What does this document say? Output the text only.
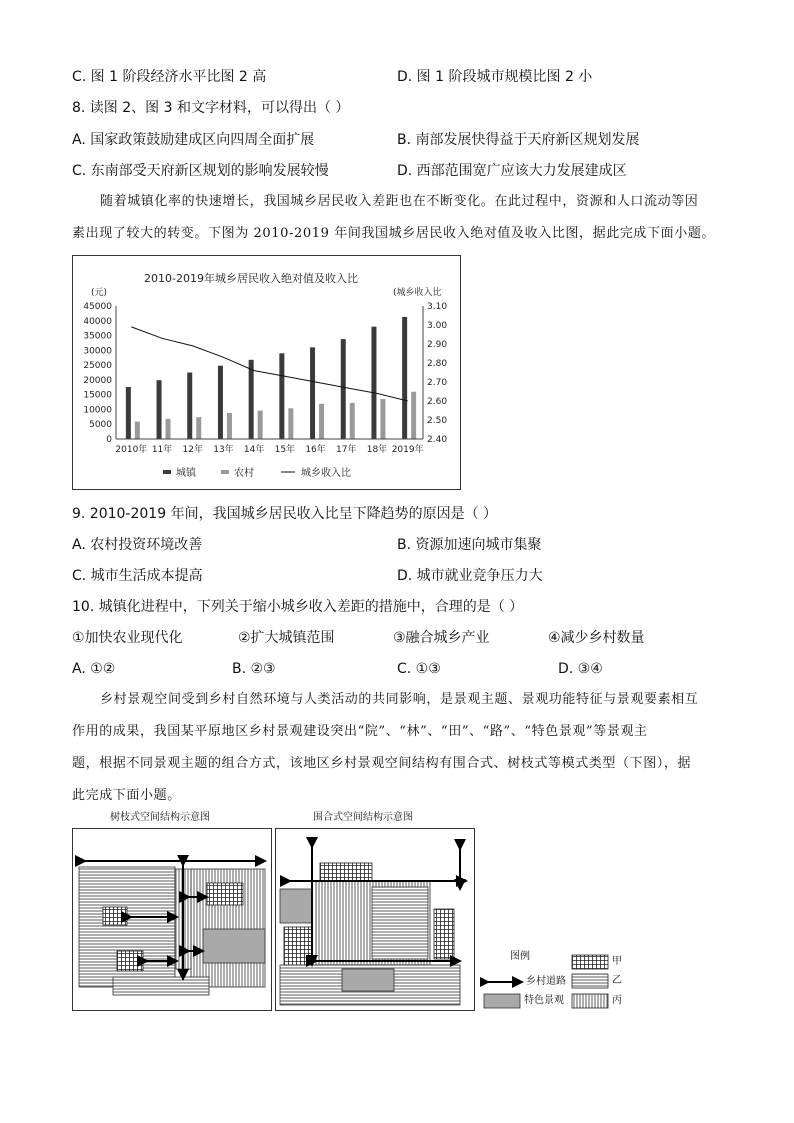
C. 图 1 阶段经济水平比图 2 高	D. 图 1 阶段城市规模比图 2 小
8. 读图 2、图 3 和文字材料，可以得出（ ）
A. 国家政策鼓励建成区向四周全面扩展	B. 南部发展快得益于天府新区规划发展
C. 东南部受天府新区规划的影响发展较慢	D. 西部范围宽广应该大力发展建成区
随着城镇化率的快速增长，我国城乡居民收入差距也在不断变化。在此过程中，资源和人口流动等因
素出现了较大的转变。下图为 2010-2019 年间我国城乡居民收入绝对值及收入比图，据此完成下面小题。
2010-2019年城乡居民收入绝对值及收入比
(元)	(城乡收入比
45000
40000
35000
30000
25000
20000
15000
10000
5000
0
3.10
3.00
2.90
2.80
2.70
2.60
2.50
2.40
2010年 11年 12年 13年 14年 15年 16年 17年 18年 2019年
城镇	农村	城乡收入比
9. 2010-2019 年间，我国城乡居民收入比呈下降趋势的原因是（ ）
A. 农村投资环境改善	B. 资源加速向城市集聚
C. 城市生活成本提高	D. 城市就业竞争压力大
10. 城镇化进程中，下列关于缩小城乡收入差距的措施中，合理的是（ ）
①加快农业现代化	②扩大城镇范围	③融合城乡产业	④减少乡村数量
A. ①②	B. ②③	C. ①③	D. ③④
乡村景观空间受到乡村自然环境与人类活动的共同影响，是景观主题、景观功能特征与景观要素相互
作用的成果，我国某平原地区乡村景观建设突出“院”、“林”、“田”、“路”、“特色景观”等景观主
题，根据不同景观主题的组合方式，该地区乡村景观空间结构有围合式、树枝式等模式类型（下图），据
此完成下面小题。
树枝式空间结构示意图	围合式空间结构示意图
图例	甲
乙
丙
乡村道路
特色景观
